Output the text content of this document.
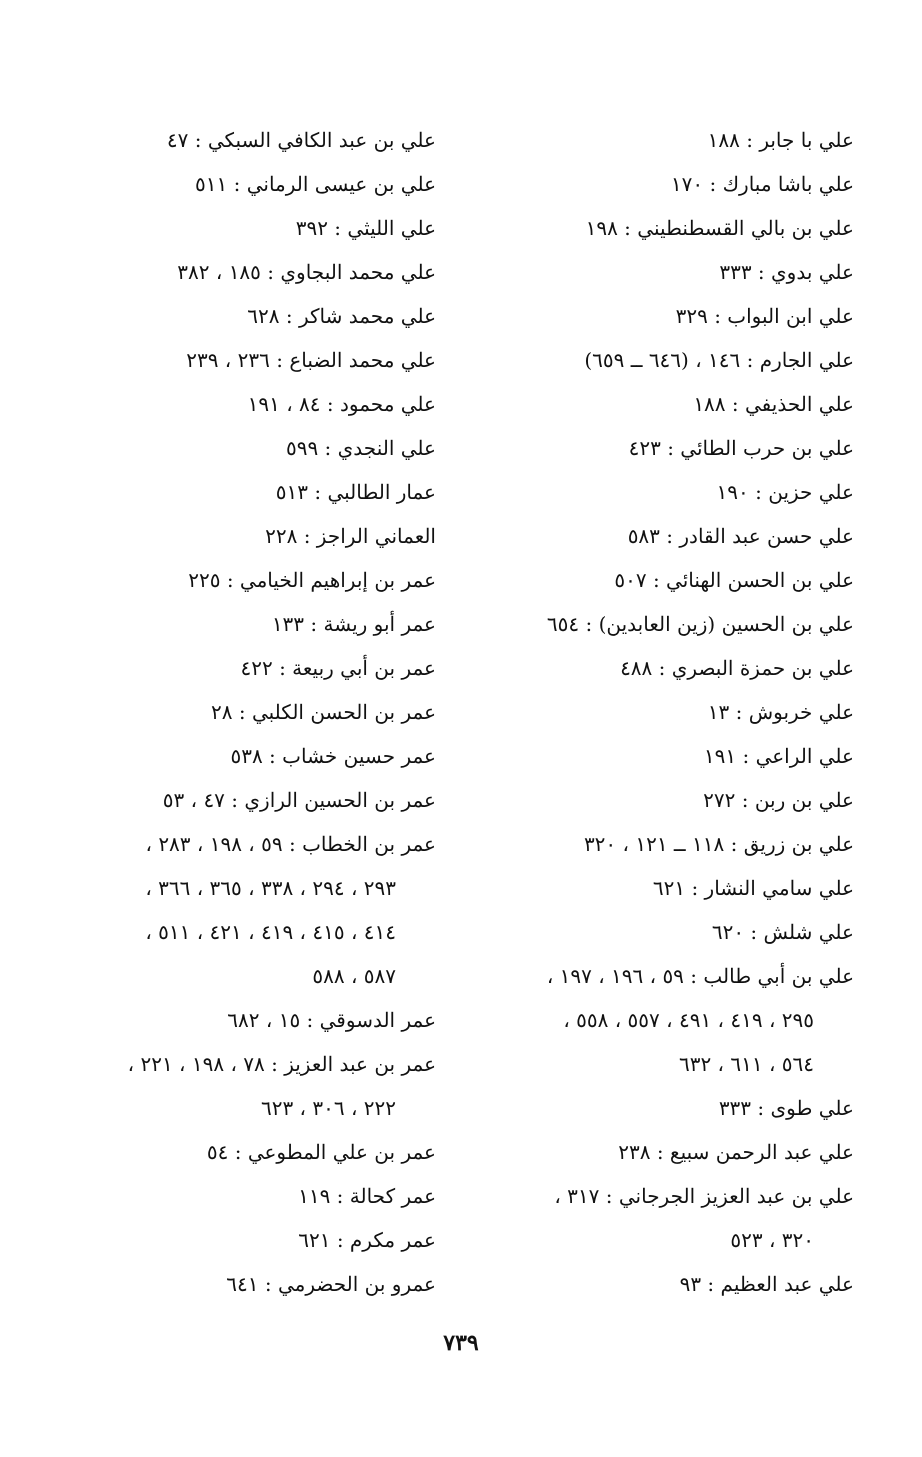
علي با جابر : ۱۸۸
علي باشا مبارك : ۱۷۰
علي بن بالي القسطنطيني : ۱۹۸
علي بدوي : ۳۳۳
علي ابن البواب : ۳۲۹
علي الجارم : ۱٤٦ ، (٦٤٦ ــ ٦٥٩)
علي الحذيفي : ۱۸۸
علي بن حرب الطائي : ٤٢٣
علي حزين : ۱۹۰
علي حسن عبد القادر : ٥٨٣
علي بن الحسن الهنائي : ٥٠٧
علي بن الحسين (زين العابدين) : ٦٥٤
علي بن حمزة البصري : ٤٨٨
علي خربوش : ۱۳
علي الراعي : ۱۹۱
علي بن ربن : ۲۷۲
علي بن زريق : ۱۱۸ ــ ۱۲۱ ، ۳۲۰
علي سامي النشار : ٦٢١
علي شلش : ٦٢٠
علي بن أبي طالب : ٥٩ ، ١٩٦ ، ١٩٧ ،
٢٩٥ ، ٤١٩ ، ٤٩١ ، ٥٥٧ ، ٥٥٨ ،
٥٦٤ ، ٦١١ ، ٦٣٢
علي طوى : ۳۳۳
علي عبد الرحمن سبيع : ۲۳۸
علي بن عبد العزيز الجرجاني : ٣١٧ ،
٣٢٠ ، ٥٢٣
علي عبد العظيم : ۹۳
علي بن عبد الكافي السبكي : ٤٧
علي بن عيسى الرماني : ٥١١
علي الليثي : ٣٩٢
علي محمد البجاوي : ١٨٥ ، ٣٨٢
علي محمد شاكر : ٦٢٨
علي محمد الضباع : ٢٣٦ ، ٢٣٩
علي محمود : ٨٤ ، ١٩١
علي النجدي : ٥٩٩
عمار الطالبي : ٥١٣
العماني الراجز : ٢٢٨
عمر بن إبراهيم الخيامي : ٢٢٥
عمر أبو ريشة : ١٣٣
عمر بن أبي ربيعة : ٤٢٢
عمر بن الحسن الكلبي : ٢٨
عمر حسين خشاب : ٥٣٨
عمر بن الحسين الرازي : ٤٧ ، ٥٣
عمر بن الخطاب : ٥٩ ، ١٩٨ ، ٢٨٣ ،
٢٩٣ ، ٢٩٤ ، ٣٣٨ ، ٣٦٥ ، ٣٦٦ ،
٤١٤ ، ٤١٥ ، ٤١٩ ، ٤٢١ ، ٥١١ ،
٥٨٧ ، ٥٨٨
عمر الدسوقي : ١٥ ، ٦٨٢
عمر بن عبد العزيز : ٧٨ ، ١٩٨ ، ٢٢١ ،
٢٢٢ ، ٣٠٦ ، ٦٢٣
عمر بن علي المطوعي : ٥٤
عمر كحالة : ١١٩
عمر مكرم : ٦٢١
عمرو بن الحضرمي : ٦٤١
٧٣٩
